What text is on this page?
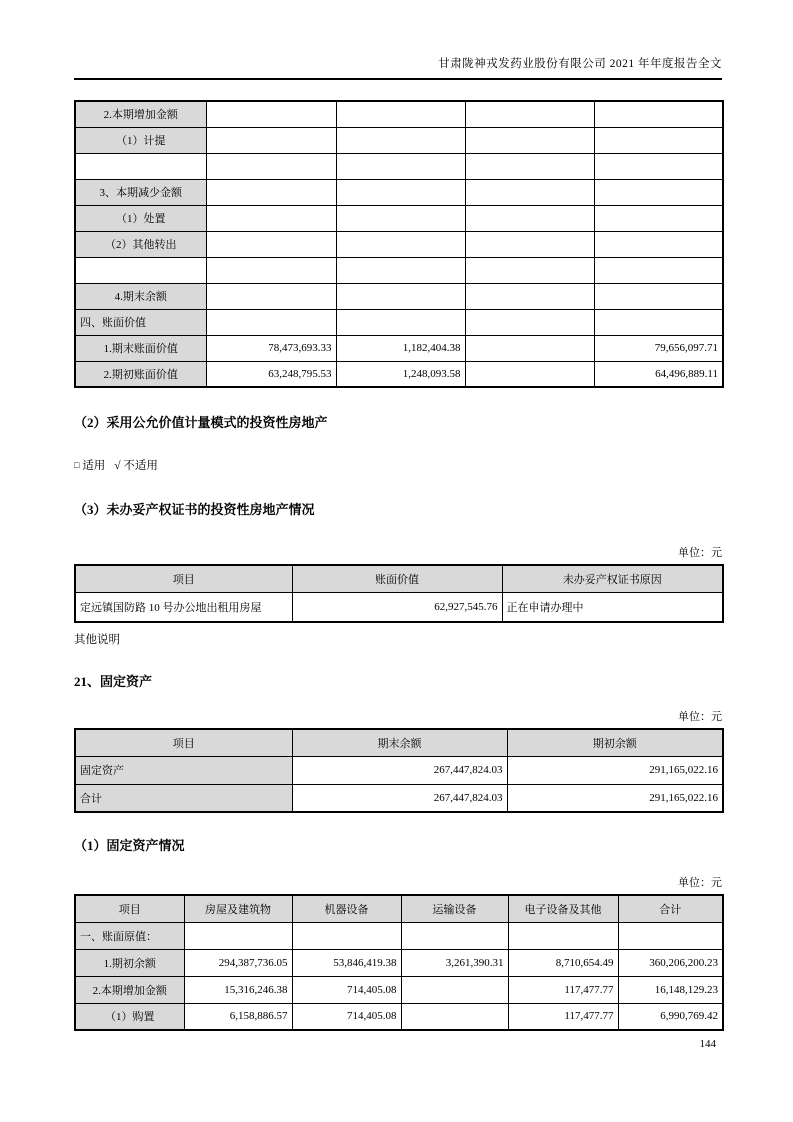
甘肃陇神戎发药业股份有限公司 2021 年年度报告全文
2.本期增加金额				
（1）计提				

3、本期减少金额				
（1）处置				
（2）其他转出				

4.期末余额				
四、账面价值				
1.期末账面价值	78,473,693.33	1,182,404.38		79,656,097.71
2.期初账面价值	63,248,795.53	1,248,093.58		64,496,889.11

（2）采用公允价值计量模式的投资性房地产

□ 适用 √ 不适用

（3）未办妥产权证书的投资性房地产情况

单位：元
项目	账面价值	未办妥产权证书原因
定远镇国防路 10 号办公地出租用房屋	62,927,545.76	正在申请办理中
其他说明

21、固定资产

单位：元
项目	期末余额	期初余额
固定资产	267,447,824.03	291,165,022.16
合计	267,447,824.03	291,165,022.16

（1）固定资产情况

单位：元
项目	房屋及建筑物	机器设备	运输设备	电子设备及其他	合计
一、账面原值：					
1.期初余额	294,387,736.05	53,846,419.38	3,261,390.31	8,710,654.49	360,206,200.23
2.本期增加金额	15,316,246.38	714,405.08		117,477.77	16,148,129.23
（1）购置	6,158,886.57	714,405.08		117,477.77	6,990,769.42
144
